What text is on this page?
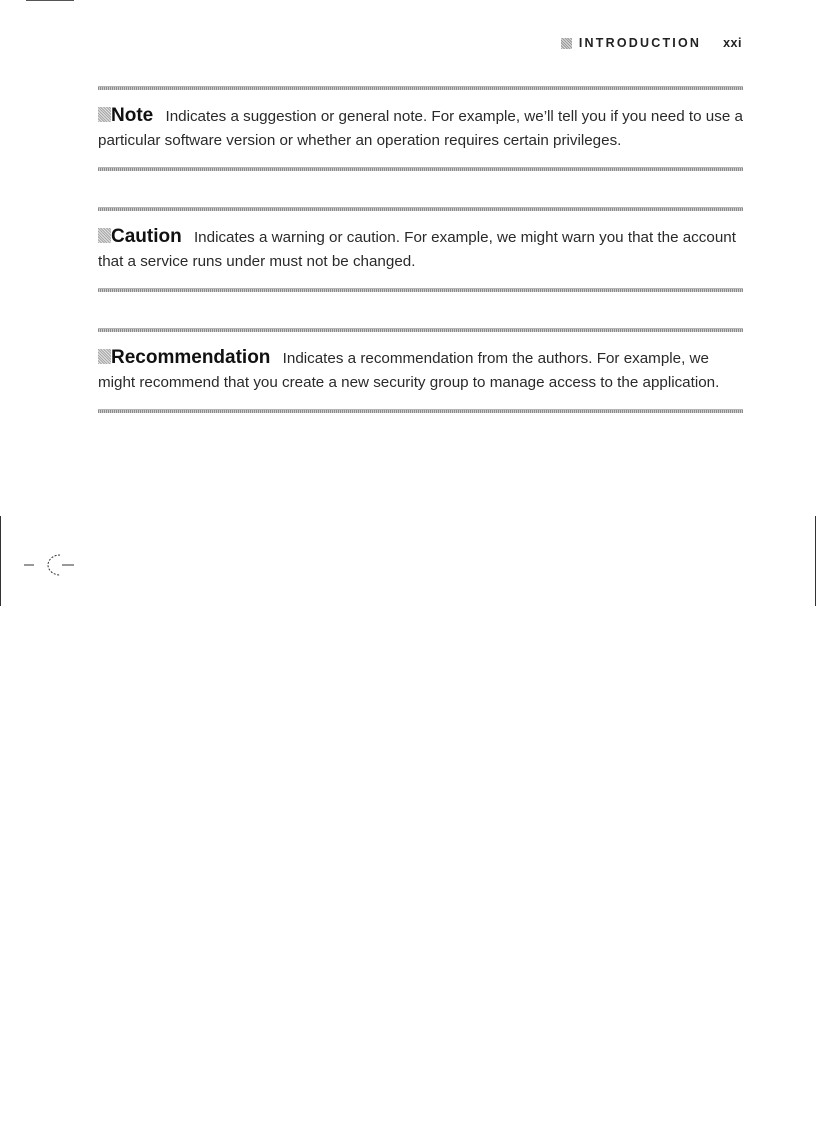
INTRODUCTION xxi
Note Indicates a suggestion or general note. For example, we’ll tell you if you need to use a particular software version or whether an operation requires certain privileges.
Caution Indicates a warning or caution. For example, we might warn you that the account that a service runs under must not be changed.
Recommendation Indicates a recommendation from the authors. For example, we might recommend that you create a new security group to manage access to the application.
